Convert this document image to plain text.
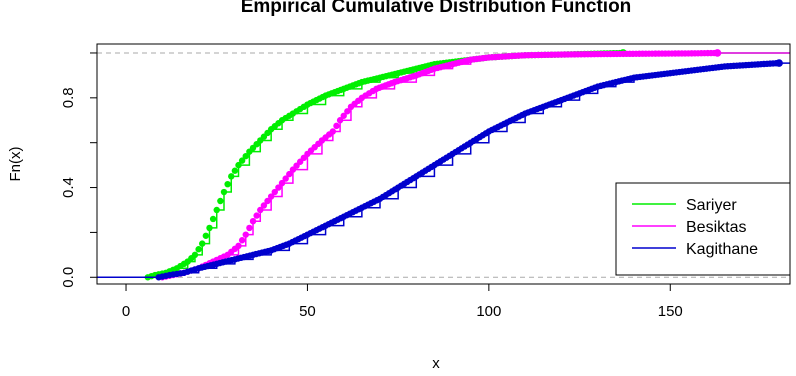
Empirical Cumulative Distribution Function
0	50	100	150
0.0
0.4
0.8
x
Fn(x)
Sariyer
Besiktas
Kagithane
